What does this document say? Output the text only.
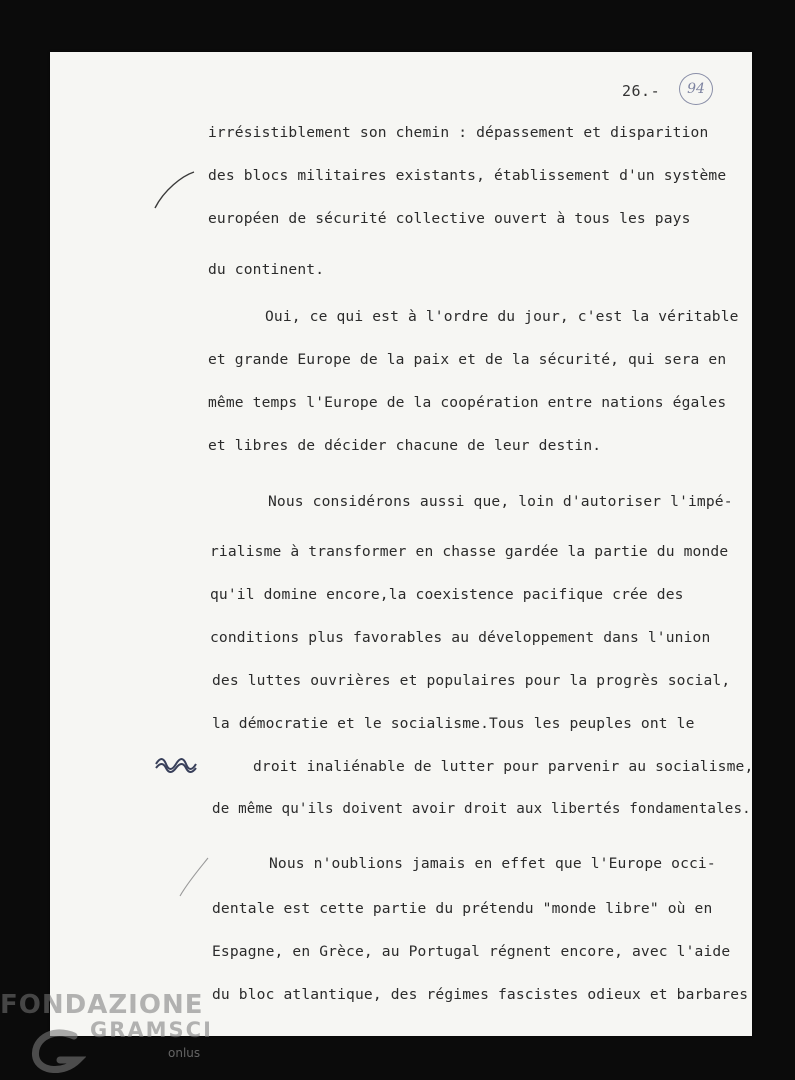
26.-	94
irrésistiblement son chemin : dépassement et disparition
des blocs militaires existants, établissement d'un système
européen de sécurité collective ouvert à tous les pays
du continent.
Oui, ce qui est à l'ordre du jour, c'est la véritable
et grande Europe de la paix et de la sécurité, qui sera en
même temps l'Europe de la coopération entre nations égales
et libres de décider chacune de leur destin.
Nous considérons aussi que, loin d'autoriser l'impé-
rialisme à transformer en chasse gardée la partie du monde
qu'il domine encore,la coexistence pacifique crée des
conditions plus favorables au développement dans l'union
des luttes ouvrières et populaires pour la progrès social,
la démocratie et le socialisme.Tous les peuples ont le
droit inaliénable de lutter pour parvenir au socialisme,
de même qu'ils doivent avoir droit aux libertés fondamentales.
Nous n'oublions jamais en effet que l'Europe occi-
dentale est cette partie du prétendu "monde libre" où en
Espagne, en Grèce, au Portugal régnent encore, avec l'aide
du bloc atlantique, des régimes fascistes odieux et barbares
FONDAZIONE
GRAMSCI
onlus
